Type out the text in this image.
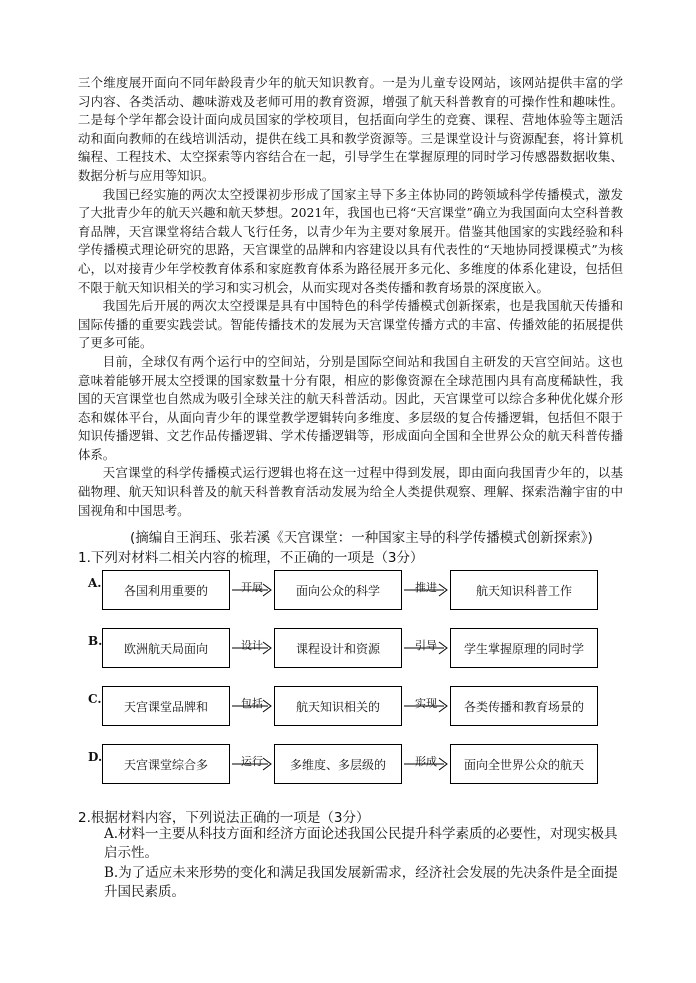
三个维度展开面向不同年龄段青少年的航天知识教育。一是为儿童专设网站，该网站提供丰富的学习内容、各类活动、趣味游戏及老师可用的教育资源，增强了航天科普教育的可操作性和趣味性。二是每个学年都会设计面向成员国家的学校项目，包括面向学生的竞赛、课程、营地体验等主题活动和面向教师的在线培训活动，提供在线工具和教学资源等。三是课堂设计与资源配套，将计算机编程、工程技术、太空探索等内容结合在一起，引导学生在掌握原理的同时学习传感器数据收集、数据分析与应用等知识。

我国已经实施的两次太空授课初步形成了国家主导下多主体协同的跨领域科学传播模式，激发了大批青少年的航天兴趣和航天梦想。2021年，我国也已将“天宫课堂”确立为我国面向太空科普教育品牌，天宫课堂将结合载人飞行任务，以青少年为主要对象展开。借鉴其他国家的实践经验和科学传播模式理论研究的思路，天宫课堂的品牌和内容建设以具有代表性的“天地协同授课模式”为核心，以对接青少年学校教育体系和家庭教育体系为路径展开多元化、多维度的体系化建设，包括但不限于航天知识相关的学习和实习机会，从而实现对各类传播和教育场景的深度嵌入。

我国先后开展的两次太空授课是具有中国特色的科学传播模式创新探索，也是我国航天传播和国际传播的重要实践尝试。智能传播技术的发展为天宫课堂传播方式的丰富、传播效能的拓展提供了更多可能。

目前，全球仅有两个运行中的空间站，分别是国际空间站和我国自主研发的天宫空间站。这也意味着能够开展太空授课的国家数量十分有限，相应的影像资源在全球范围内具有高度稀缺性，我国的天宫课堂也自然成为吸引全球关注的航天科普活动。因此，天宫课堂可以综合多种优化媒介形态和媒体平台，从面向青少年的课堂教学逻辑转向多维度、多层级的复合传播逻辑，包括但不限于知识传播逻辑、文艺作品传播逻辑、学术传播逻辑等，形成面向全国和全世界公众的航天科普传播体系。

天宫课堂的科学传播模式运行逻辑也将在这一过程中得到发展，即由面向我国青少年的，以基础物理、航天知识科普及的航天科普教育活动发展为给全人类提供观察、理解、探索浩瀚宇宙的中国视角和中国思考。

(摘编自王润珏、张若溪《天宫课堂：一种国家主导的科学传播模式创新探索》)
1.下列对材料二相关内容的梳理，不正确的一项是（3分）
A.
各国利用重要的	开展	面向公众的科学	推进	航天知识科普工作
B.
欧洲航天局面向	设计	课程设计和资源	引导	学生掌握原理的同时学
C.
天宫课堂品牌和	包括	航天知识相关的	实现	各类传播和教育场景的
D.
天宫课堂综合多	运行	多维度、多层级的	形成	面向全世界公众的航天
2.根据材料内容，下列说法正确的一项是（3分）
A.材料一主要从科技方面和经济方面论述我国公民提升科学素质的必要性，对现实极具启示性。
B.为了适应未来形势的变化和满足我国发展新需求，经济社会发展的先决条件是全面提升国民素质。
